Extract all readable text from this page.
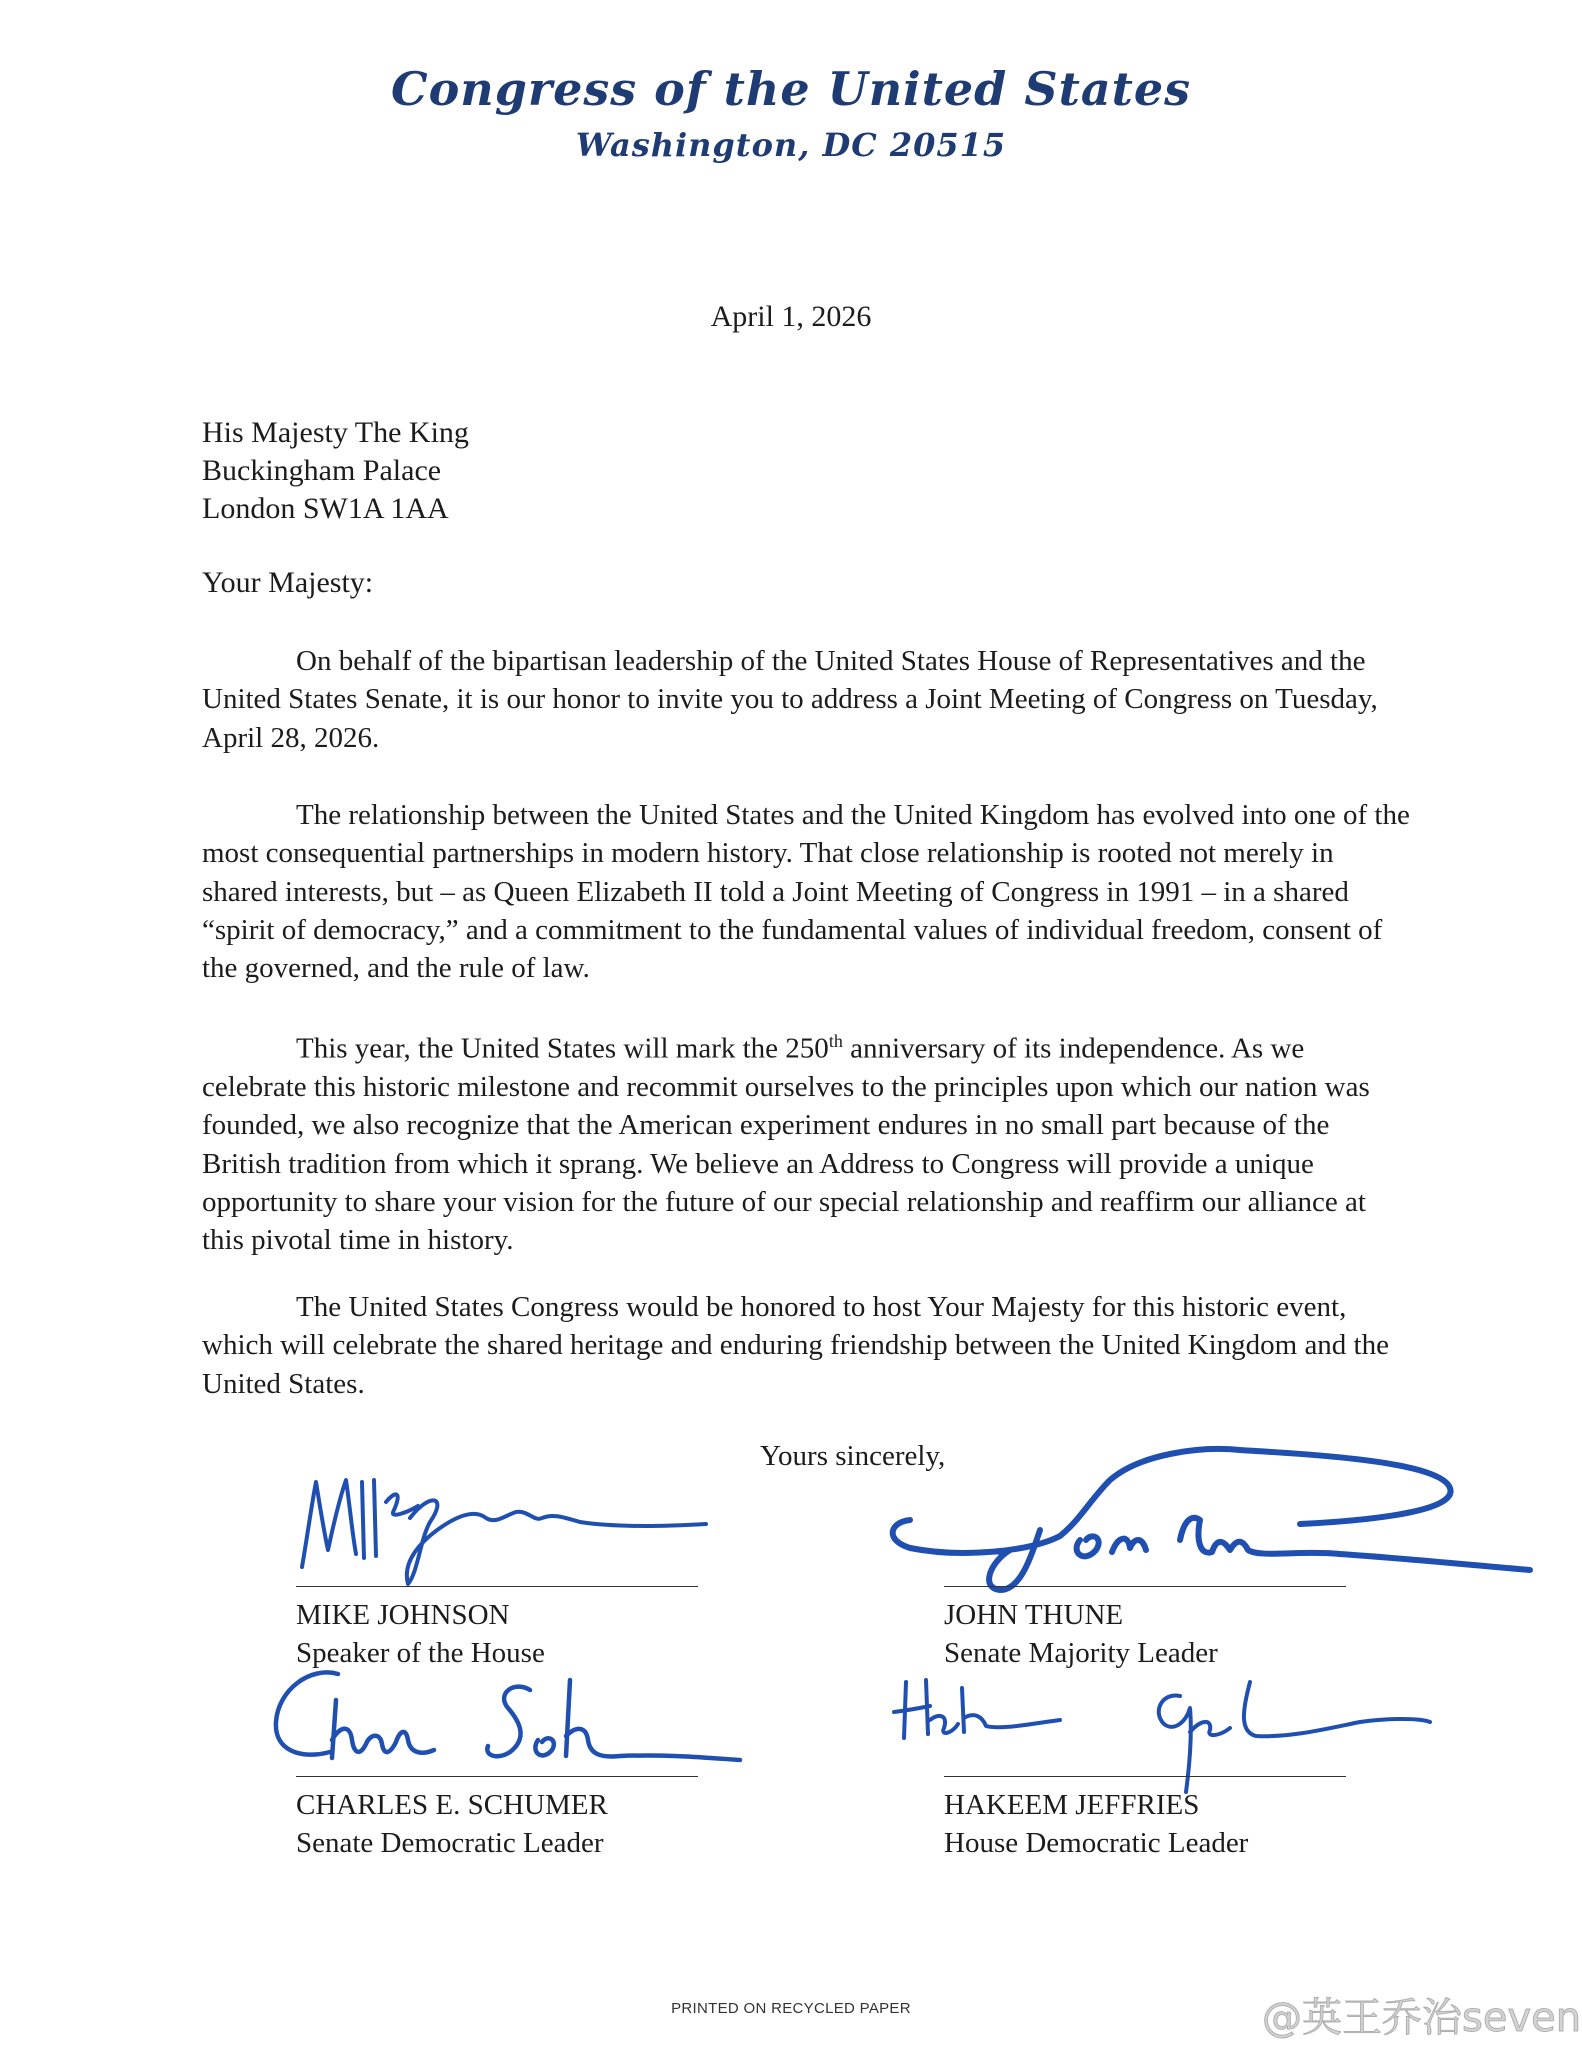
Congress of the United States
Washington, DC 20515
April 1, 2026
His Majesty The King
Buckingham Palace
London SW1A 1AA
Your Majesty:

On behalf of the bipartisan leadership of the United States House of Representatives and the United States Senate, it is our honor to invite you to address a Joint Meeting of Congress on Tuesday, April 28, 2026.

The relationship between the United States and the United Kingdom has evolved into one of the most consequential partnerships in modern history. That close relationship is rooted not merely in shared interests, but – as Queen Elizabeth II told a Joint Meeting of Congress in 1991 – in a shared “spirit of democracy,” and a commitment to the fundamental values of individual freedom, consent of the governed, and the rule of law.

This year, the United States will mark the 250th anniversary of its independence. As we celebrate this historic milestone and recommit ourselves to the principles upon which our nation was founded, we also recognize that the American experiment endures in no small part because of the British tradition from which it sprang. We believe an Address to Congress will provide a unique opportunity to share your vision for the future of our special relationship and reaffirm our alliance at this pivotal time in history.

The United States Congress would be honored to host Your Majesty for this historic event, which will celebrate the shared heritage and enduring friendship between the United Kingdom and the United States.

Yours sincerely,
MIKE JOHNSON
Speaker of the House
JOHN THUNE
Senate Majority Leader
CHARLES E. SCHUMER
Senate Democratic Leader
HAKEEM JEFFRIES
House Democratic Leader
PRINTED ON RECYCLED PAPER	@英王乔治seven
